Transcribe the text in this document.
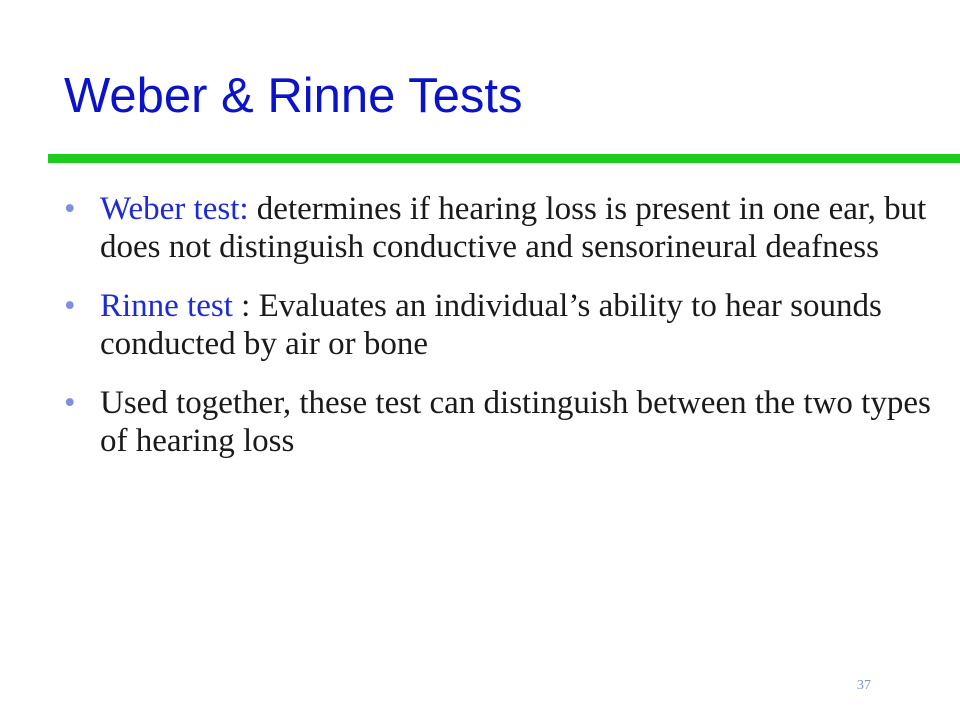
Weber & Rinne Tests
• Weber test: determines if hearing loss is present in one ear, but does not distinguish conductive and sensorineural deafness
• Rinne test : Evaluates an individual’s ability to hear sounds conducted by air or bone
• Used together, these test can distinguish between the two types of hearing loss
37
